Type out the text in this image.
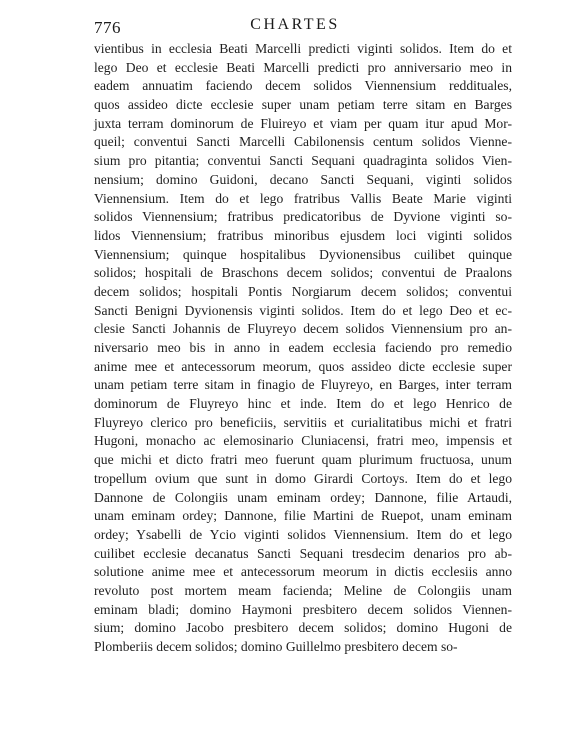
776	CHARTES
vientibus in ecclesia Beati Marcelli predicti viginti solidos. Item do et
lego Deo et ecclesie Beati Marcelli predicti pro anniversario meo in
eadem annuatim faciendo decem solidos Viennensium reddituales,
quos assideo dicte ecclesie super unam petiam terre sitam en Barges
juxta terram dominorum de Fluireyo et viam per quam itur apud Mor-
queil; conventui Sancti Marcelli Cabilonensis centum solidos Vienne-
sium pro pitantia; conventui Sancti Sequani quadraginta solidos Vien-
nensium; domino Guidoni, decano Sancti Sequani, viginti solidos
Viennensium. Item do et lego fratribus Vallis Beate Marie viginti
solidos Viennensium; fratribus predicatoribus de Dyvione viginti so-
lidos Viennensium; fratribus minoribus ejusdem loci viginti solidos
Viennensium; quinque hospitalibus Dyvionensibus cuilibet quinque
solidos; hospitali de Braschons decem solidos; conventui de Praalons
decem solidos; hospitali Pontis Norgiarum decem solidos; conventui
Sancti Benigni Dyvionensis viginti solidos. Item do et lego Deo et ec-
clesie Sancti Johannis de Fluyreyo decem solidos Viennensium pro an-
niversario meo bis in anno in eadem ecclesia faciendo pro remedio
anime mee et antecessorum meorum, quos assideo dicte ecclesie super
unam petiam terre sitam in finagio de Fluyreyo, en Barges, inter terram
dominorum de Fluyreyo hinc et inde. Item do et lego Henrico de
Fluyreyo clerico pro beneficiis, servitiis et curialitatibus michi et fratri
Hugoni, monacho ac elemosinario Cluniacensi, fratri meo, impensis et
que michi et dicto fratri meo fuerunt quam plurimum fructuosa, unum
tropellum ovium que sunt in domo Girardi Cortoys. Item do et lego
Dannone de Colongiis unam eminam ordey; Dannone, filie Artaudi,
unam eminam ordey; Dannone, filie Martini de Ruepot, unam eminam
ordey; Ysabelli de Ycio viginti solidos Viennensium. Item do et lego
cuilibet ecclesie decanatus Sancti Sequani tresdecim denarios pro ab-
solutione anime mee et antecessorum meorum in dictis ecclesiis anno
revoluto post mortem meam facienda; Meline de Colongiis unam
eminam bladi; domino Haymoni presbitero decem solidos Viennen-
sium; domino Jacobo presbitero decem solidos; domino Hugoni de
Plomberiis decem solidos; domino Guillelmo presbitero decem so-
